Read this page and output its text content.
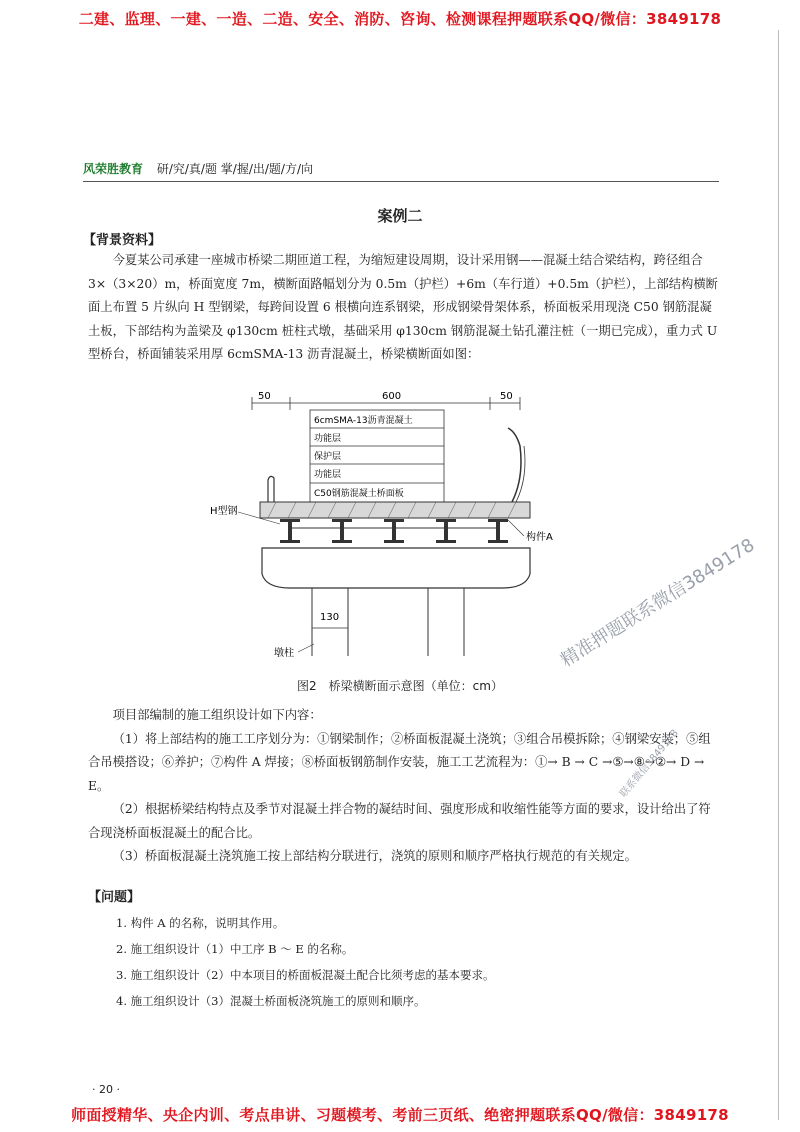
二建、监理、一建、一造、二造、安全、消防、咨询、检测课程押题联系QQ/微信：3849178
师面授精华、央企内训、考点串讲、习题模考、考前三页纸、绝密押题联系QQ/微信：3849178
风荣胜教育 研/究/真/题 掌/握/出/题/方/向
案例二
【背景资料】

今夏某公司承建一座城市桥梁二期匝道工程，为缩短建设周期，设计采用钢——混凝土结合梁结构，跨径组合 3×（3×20）m，桥面宽度 7m，横断面路幅划分为 0.5m（护栏）+6m（车行道）+0.5m（护栏），上部结构横断面上布置 5 片纵向 H 型钢梁，每跨间设置 6 根横向连系钢梁，形成钢梁骨架体系，桥面板采用现浇 C50 钢筋混凝土板，下部结构为盖梁及 φ130cm 桩柱式墩，基础采用 φ130cm 钢筋混凝土钻孔灌注桩（一期已完成），重力式 U 型桥台，桥面铺装采用厚 6cmSMA-13 沥青混凝土，桥梁横断面如图：

50	600	50
6cmSMA-13沥青混凝土
功能层
保护层
功能层
C50钢筋混凝土桥面板
130
墩柱
H型钢
构件A
图2　桥梁横断面示意图（单位：cm）

项目部编制的施工组织设计如下内容：

（1）将上部结构的施工工序划分为：①钢梁制作；②桥面板混凝土浇筑；③组合吊模拆除；④钢梁安装；⑤组合吊模搭设；⑥养护；⑦构件 A 焊接；⑧桥面板钢筋制作安装，施工工艺流程为：①→ B → C →⑤→⑧→②→ D → E。

（2）根据桥梁结构特点及季节对混凝土拌合物的凝结时间、强度形成和收缩性能等方面的要求，设计给出了符合现浇桥面板混凝土的配合比。

（3）桥面板混凝土浇筑施工按上部结构分联进行，浇筑的原则和顺序严格执行规范的有关规定。

【问题】
1. 构件 A 的名称，说明其作用。
2. 施工组织设计（1）中工序 B ～ E 的名称。
3. 施工组织设计（2）中本项目的桥面板混凝土配合比须考虑的基本要求。
4. 施工组织设计（3）混凝土桥面板浇筑施工的原则和顺序。
精准押题联系微信3849178
联系微信3849178
· 20 ·
